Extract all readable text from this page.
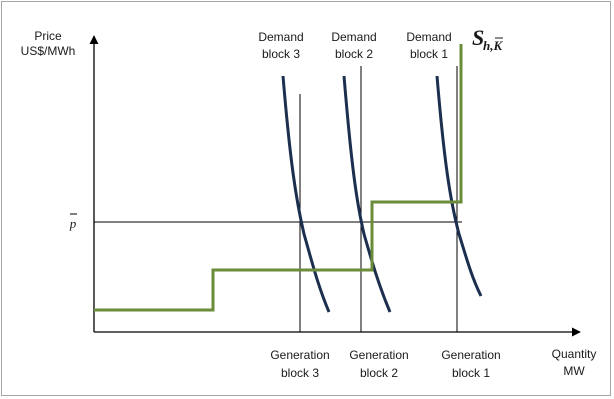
Price
US$/MWh
Quantity
MW
p
S
h,K
Demand
block 3
Demand
block 2
Demand
block 1
Generation
block 3
Generation
block 2
Generation
block 1
